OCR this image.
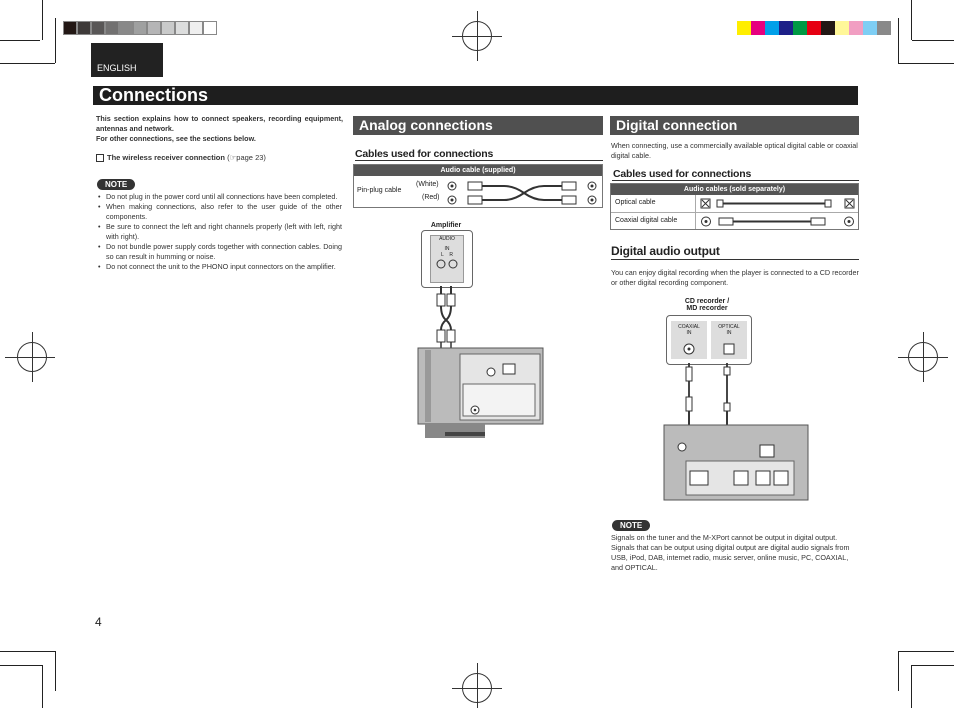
ENGLISH
Connections
This section explains how to connect speakers, recording equipment, antennas and network.
For other connections, see the sections below.
The wireless receiver connection (☞page 23)
NOTE
• Do not plug in the power cord until all connections have been completed.
• When making connections, also refer to the user guide of the other components.
• Be sure to connect the left and right channels properly (left with left, right with right).
• Do not bundle power supply cords together with connection cables. Doing so can result in humming or noise.
• Do not connect the unit to the PHONO input connectors on the amplifier.
Analog connections
Cables used for connections
Audio cable (supplied)
Pin-plug cable
(White)
(Red)
Amplifier
AUDIO
IN
L R
Digital connection
When connecting, use a commercially available optical digital cable or coaxial digital cable.
Cables used for connections
Audio cables (sold separately)
Optical cable
Coaxial digital cable
Digital audio output
You can enjoy digital recording when the player is connected to a CD recorder or other digital recording component.
CD recorder /
MD recorder
COAXIAL
IN
OPTICAL
IN
NOTE
Signals on the tuner and the M-XPort cannot be output in digital output. Signals that can be output using digital output are digital audio signals from USB, iPod, DAB, internet radio, music server, online music, PC, COAXIAL, and OPTICAL.
4
